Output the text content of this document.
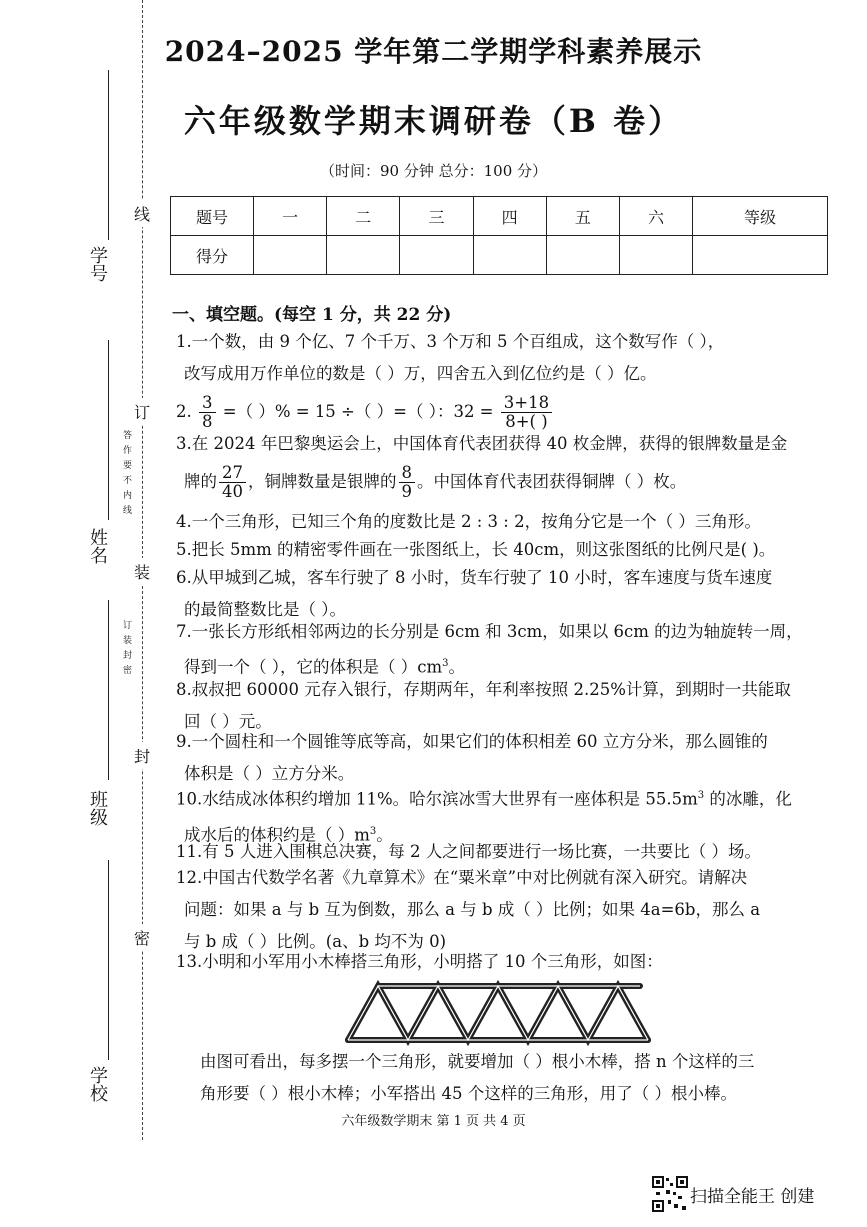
2024–2025 学年第二学期学科素养展示
六年级数学期末调研卷（B 卷）
（时间：90 分钟 总分：100 分）
题号	一	二	三	四	五	六	等级
得分							
学号
姓名
班级
学校
线
订
装
封
密
答作要不内线
订装封密
一、填空题。(每空 1 分，共 22 分)

1.一个数，由 9 个亿、7 个千万、3 个万和 5 个百组成，这个数写作（ ），

改写成用万作单位的数是（ ）万，四舍五入到亿位约是（ ）亿。

2. $\frac{3}{8}$ =（ ）% = 15 ÷（ ）=（ ）：$32 = \frac{3+18}{8+( )}$

3.在 2024 年巴黎奥运会上，中国体育代表团获得 40 枚金牌，获得的银牌数量是金

牌的 $\frac{27}{40}$ ，铜牌数量是银牌的 $\frac{8}{9}$ 。中国体育代表团获得铜牌（ ）枚。

4.一个三角形，已知三个角的度数比是 2 : 3 : 2，按角分它是一个（ ）三角形。

5.把长 5mm 的精密零件画在一张图纸上，长 40cm，则这张图纸的比例尺是( )。

6.从甲城到乙城，客车行驶了 8 小时，货车行驶了 10 小时，客车速度与货车速度

的最简整数比是（ ）。

7.一张长方形纸相邻两边的长分别是 6cm 和 3cm，如果以 6cm 的边为轴旋转一周，

得到一个（ ），它的体积是（ ）$cm^3$。

8.叔叔把 60000 元存入银行，存期两年，年利率按照 2.25%计算，到期时一共能取

回（ ）元。

9.一个圆柱和一个圆锥等底等高，如果它们的体积相差 60 立方分米，那么圆锥的

体积是（ ）立方分米。

10.水结成冰体积约增加 11%。哈尔滨冰雪大世界有一座体积是 $55.5m^3$ 的冰雕，化

成水后的体积约是（ ）$m^3$。

11.有 5 人进入围棋总决赛，每 2 人之间都要进行一场比赛，一共要比（ ）场。

12.中国古代数学名著《九章算术》在“粟米章”中对比例就有深入研究。请解决

问题：如果 a 与 b 互为倒数，那么 a 与 b 成（ ）比例；如果 4a=6b，那么 a

与 b 成（ ）比例。(a、b 均不为 0)

13.小明和小军用小木棒搭三角形，小明搭了 10 个三角形，如图：

由图可看出，每多摆一个三角形，就要增加（ ）根小木棒，搭 n 个这样的三

角形要（ ）根小木棒；小军搭出 45 个这样的三角形，用了（ ）根小棒。

六年级数学期末 第 1 页 共 4 页
扫描全能王 创建
